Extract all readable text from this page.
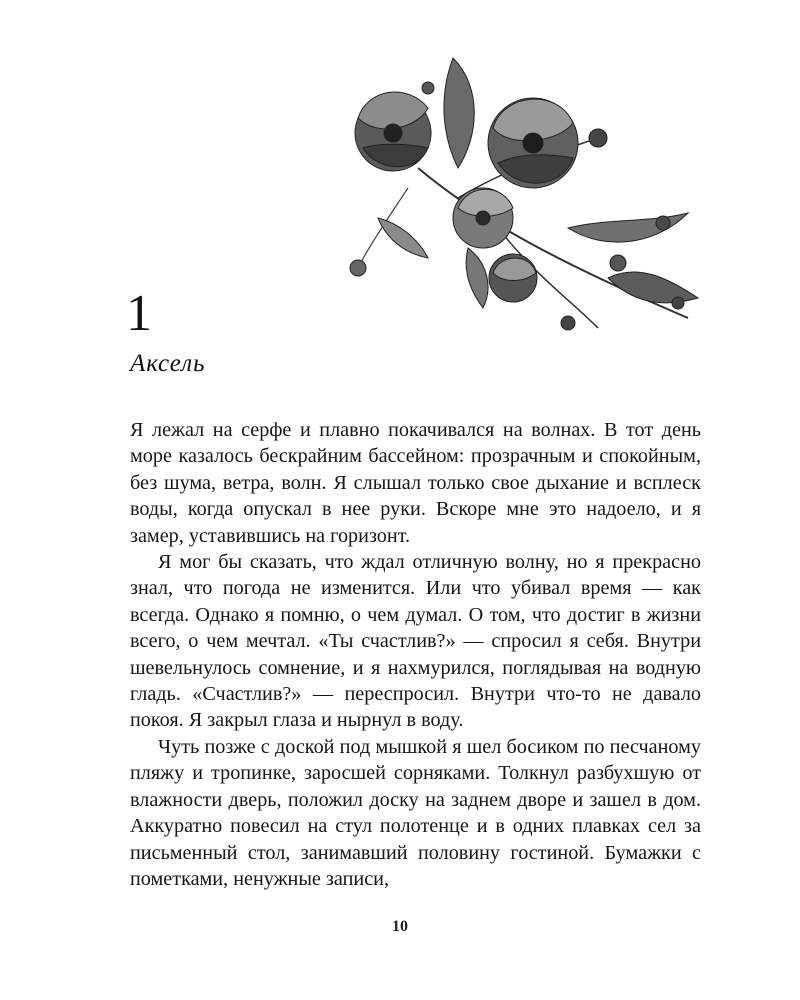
1
Аксель

Я лежал на серфе и плавно покачивался на волнах. В тот день море казалось бескрайним бассейном: прозрачным и спокойным, без шума, ветра, волн. Я слышал только свое дыхание и всплеск воды, когда опускал в нее руки. Вскоре мне это надоело, и я замер, уставившись на горизонт.

Я мог бы сказать, что ждал отличную волну, но я прекрасно знал, что погода не изменится. Или что убивал время — как всегда. Однако я помню, о чем думал. О том, что достиг в жизни всего, о чем мечтал. «Ты счастлив?» — спросил я себя. Внутри шевельнулось сомнение, и я нахмурился, поглядывая на водную гладь. «Счастлив?» — переспросил. Внутри что-то не давало покоя. Я закрыл глаза и нырнул в воду.

Чуть позже с доской под мышкой я шел босиком по песчаному пляжу и тропинке, заросшей сорняками. Толкнул разбухшую от влажности дверь, положил доску на заднем дворе и зашел в дом. Аккуратно повесил на стул полотенце и в одних плавках сел за письменный стол, занимавший половину гостиной. Бумажки с пометками, ненужные записи,

10
